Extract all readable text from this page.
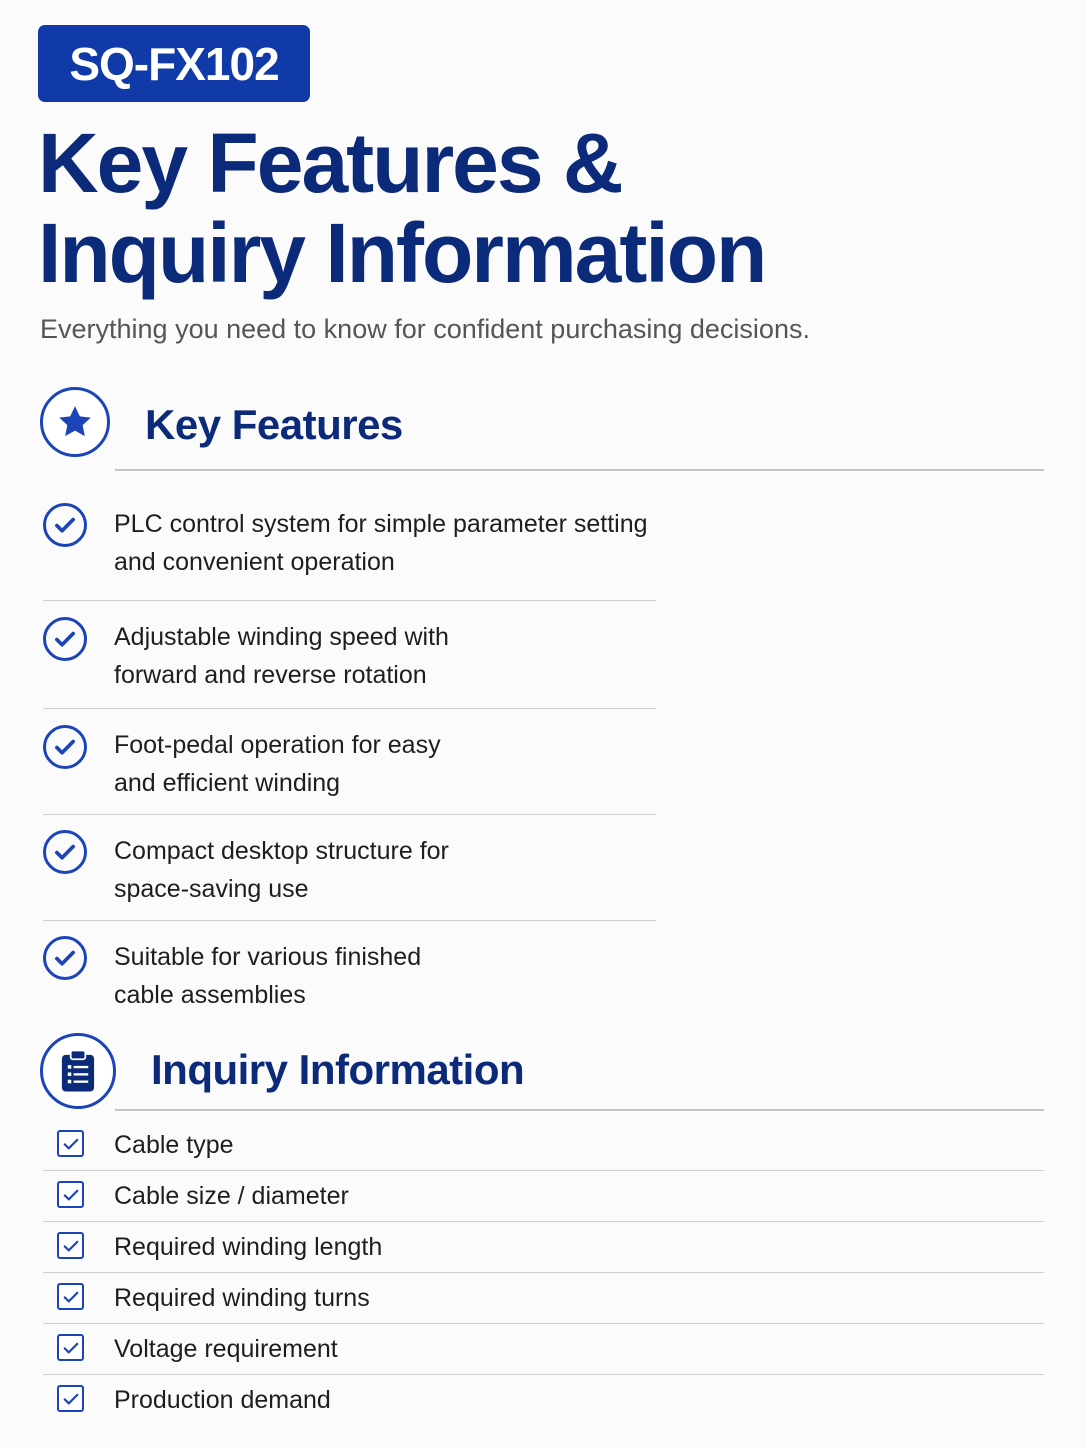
SQ-FX102
Key Features &
Inquiry Information
Everything you need to know for confident purchasing decisions.
Key Features
PLC control system for simple parameter setting
and convenient operation
Adjustable winding speed with
forward and reverse rotation
Foot-pedal operation for easy
and efficient winding
Compact desktop structure for
space-saving use
Suitable for various finished
cable assemblies
Inquiry Information
Cable type
Cable size / diameter
Required winding length
Required winding turns
Voltage requirement
Production demand
